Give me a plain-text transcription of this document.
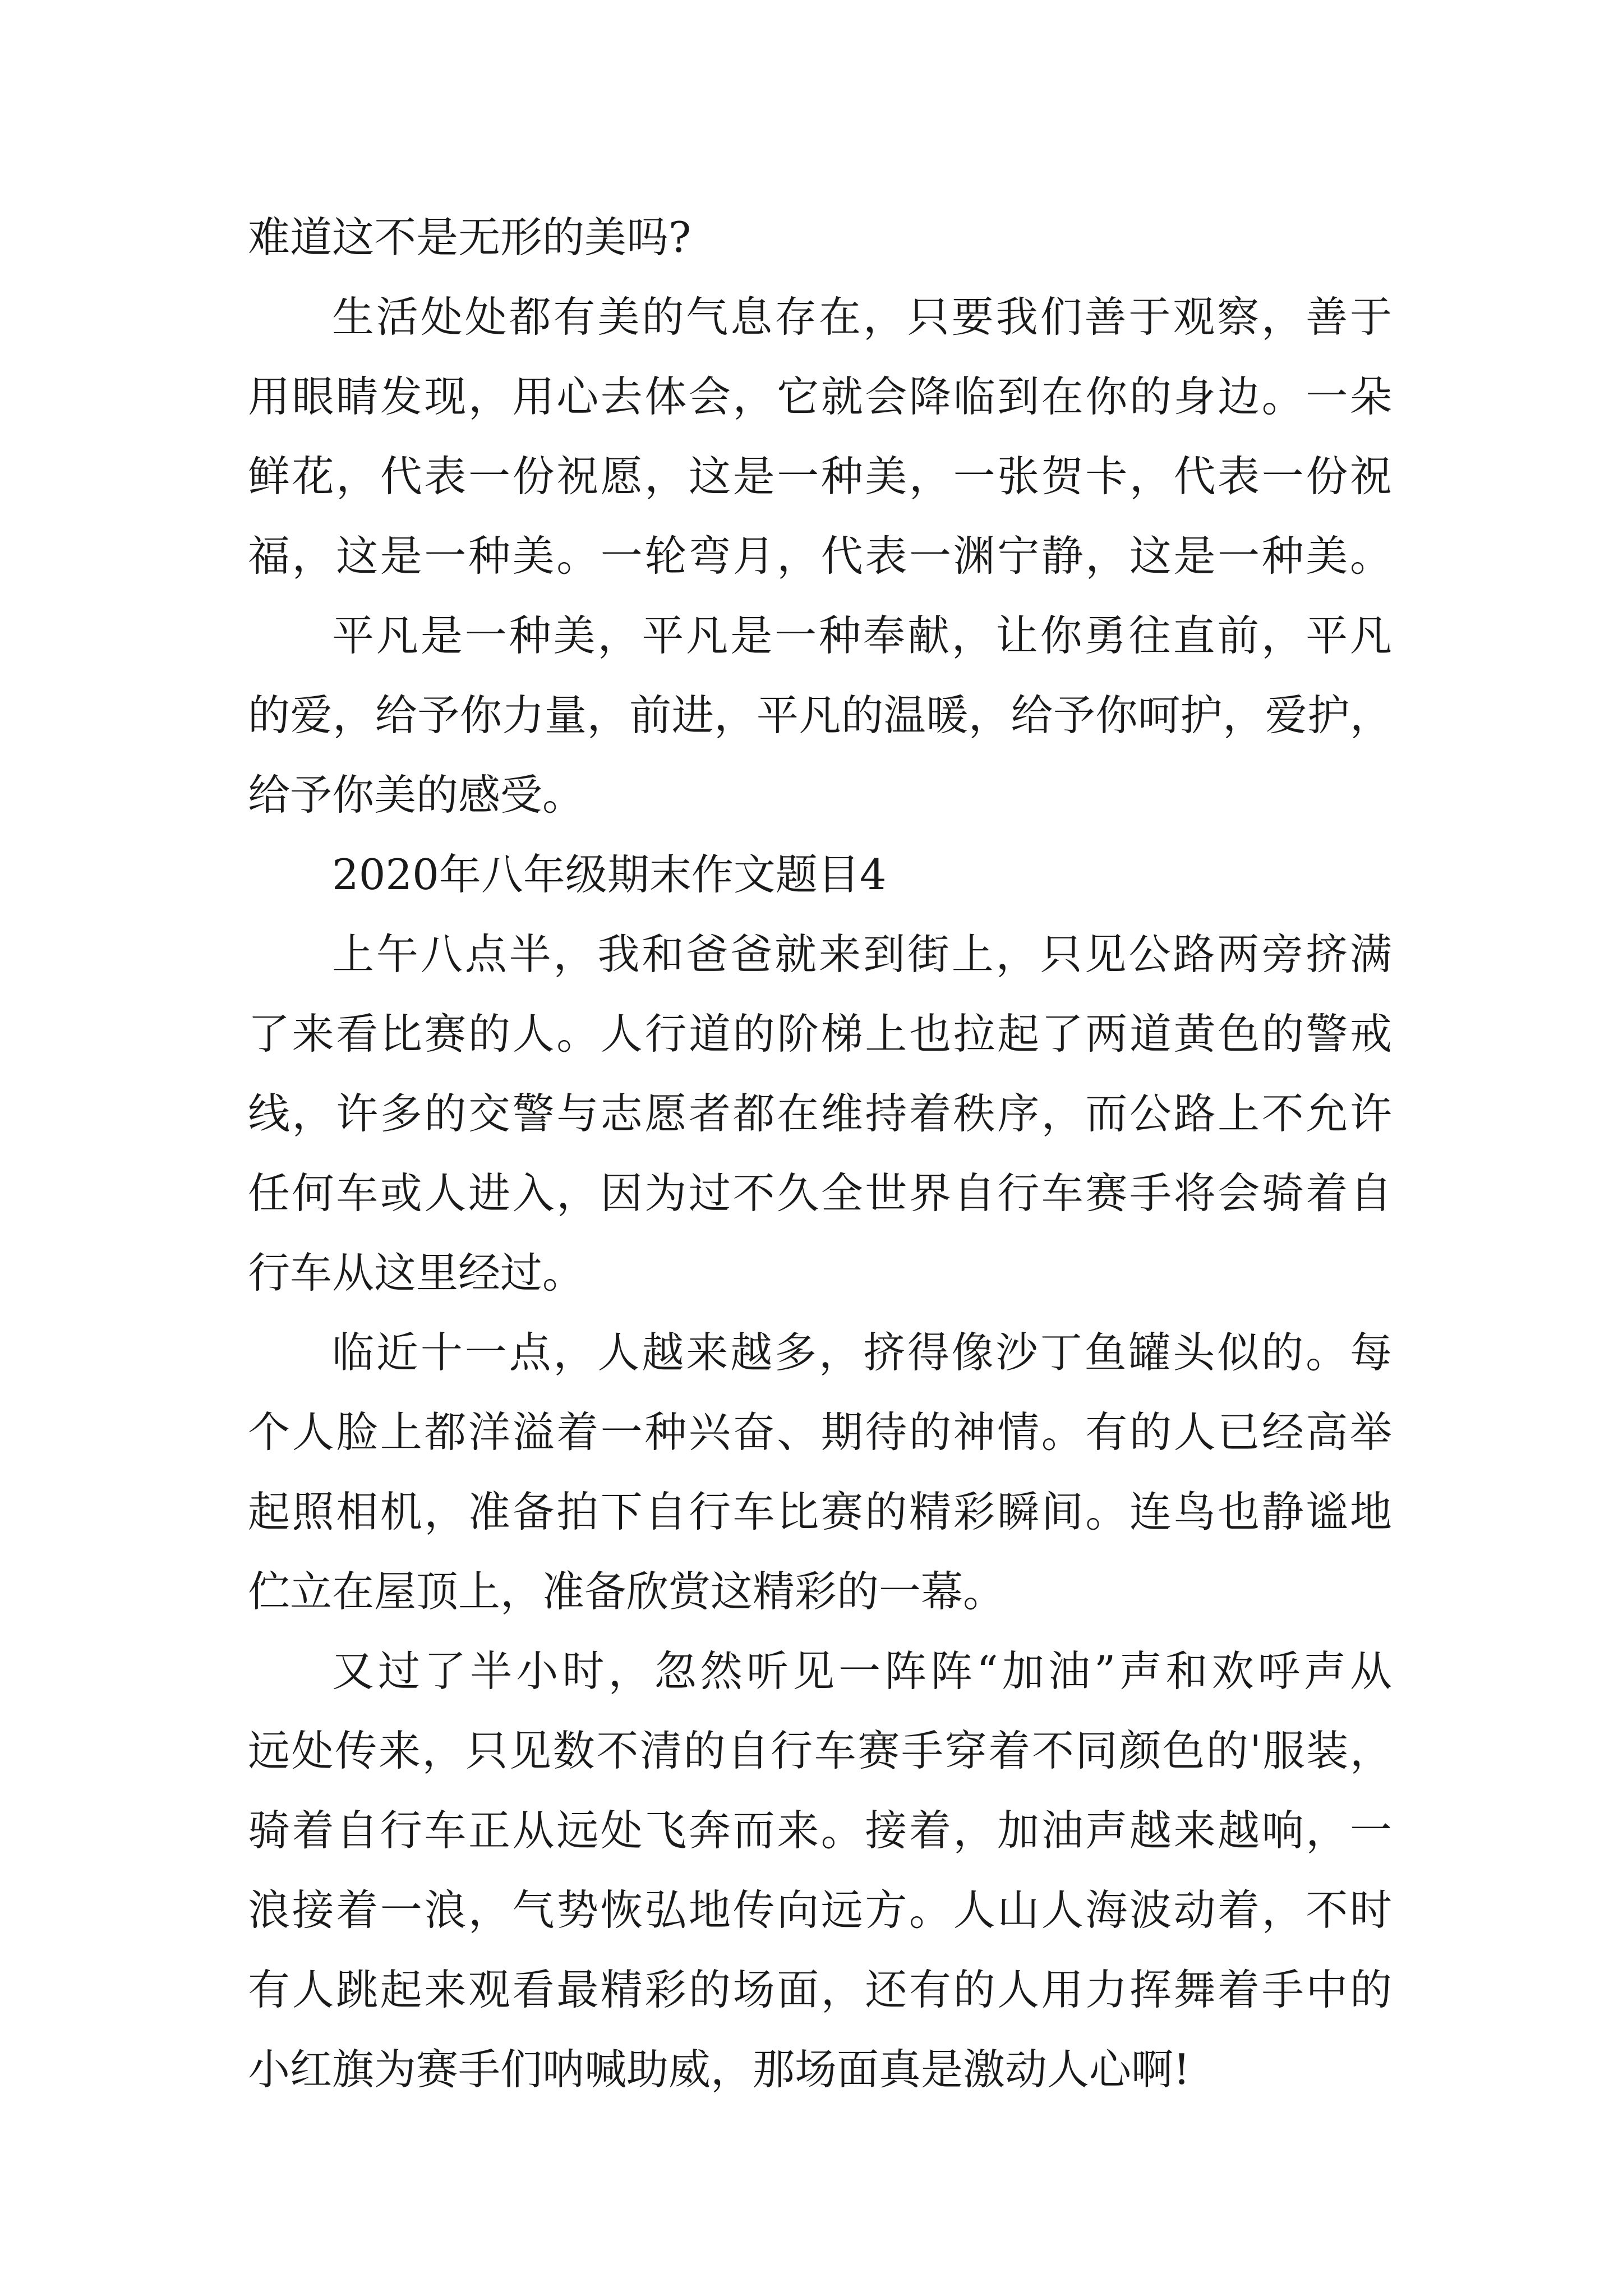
难道这不是无形的美吗?
生活处处都有美的气息存在，只要我们善于观察，善于
用眼睛发现，用心去体会，它就会降临到在你的身边。一朵
鲜花，代表一份祝愿，这是一种美，一张贺卡，代表一份祝
福，这是一种美。一轮弯月，代表一渊宁静，这是一种美。
平凡是一种美，平凡是一种奉献，让你勇往直前，平凡
的爱，给予你力量，前进，平凡的温暖，给予你呵护，爱护，
给予你美的感受。
2020年八年级期末作文题目4
上午八点半，我和爸爸就来到街上，只见公路两旁挤满
了来看比赛的人。人行道的阶梯上也拉起了两道黄色的警戒
线，许多的交警与志愿者都在维持着秩序，而公路上不允许
任何车或人进入，因为过不久全世界自行车赛手将会骑着自
行车从这里经过。
临近十一点，人越来越多，挤得像沙丁鱼罐头似的。每
个人脸上都洋溢着一种兴奋、期待的神情。有的人已经高举
起照相机，准备拍下自行车比赛的精彩瞬间。连鸟也静谧地
伫立在屋顶上，准备欣赏这精彩的一幕。
又过了半小时，忽然听见一阵阵“加油”声和欢呼声从
远处传来，只见数不清的自行车赛手穿着不同颜色的'服装，
骑着自行车正从远处飞奔而来。接着，加油声越来越响，一
浪接着一浪，气势恢弘地传向远方。人山人海波动着，不时
有人跳起来观看最精彩的场面，还有的人用力挥舞着手中的
小红旗为赛手们呐喊助威，那场面真是激动人心啊!
